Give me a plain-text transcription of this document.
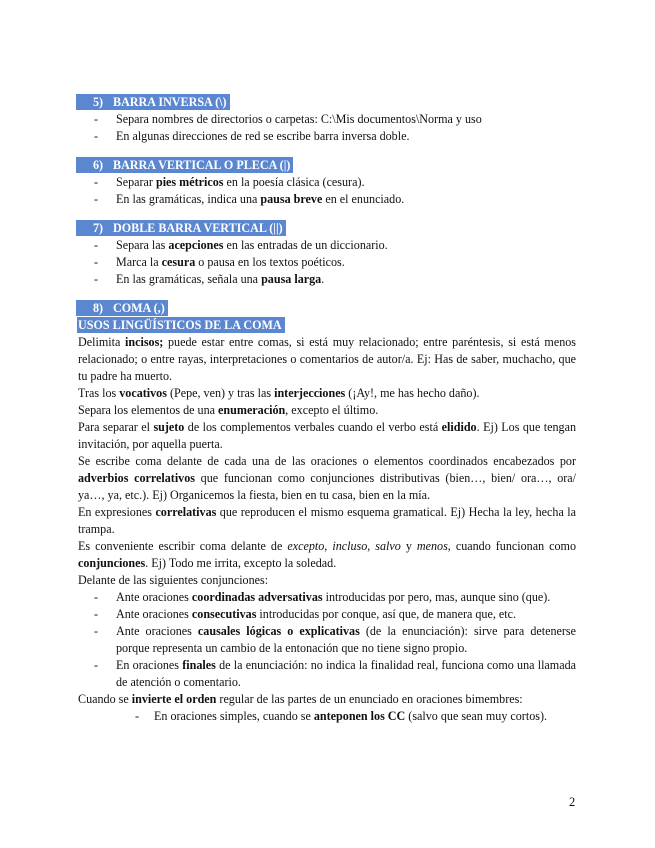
5) BARRA INVERSA (\)
- Separa nombres de directorios o carpetas: C:\Mis documentos\Norma y uso
- En algunas direcciones de red se escribe barra inversa doble.
6) BARRA VERTICAL O PLECA (|)
- Separar pies métricos en la poesía clásica (cesura).
- En las gramáticas, indica una pausa breve en el enunciado.
7) DOBLE BARRA VERTICAL (||)
- Separa las acepciones en las entradas de un diccionario.
- Marca la cesura o pausa en los textos poéticos.
- En las gramáticas, señala una pausa larga.
8) COMA (,)
USOS LINGÜÍSTICOS DE LA COMA

Delimita incisos; puede estar entre comas, si está muy relacionado; entre paréntesis, si está menos relacionado; o entre rayas, interpretaciones o comentarios de autor/a. Ej: Has de saber, muchacho, que tu padre ha muerto.

Tras los vocativos (Pepe, ven) y tras las interjecciones (¡Ay!, me has hecho daño).

Separa los elementos de una enumeración, excepto el último.

Para separar el sujeto de los complementos verbales cuando el verbo está elidido. Ej) Los que tengan invitación, por aquella puerta.

Se escribe coma delante de cada una de las oraciones o elementos coordinados encabezados por adverbios correlativos que funcionan como conjunciones distributivas (bien…, bien/ ora…, ora/ ya…, ya, etc.). Ej) Organicemos la fiesta, bien en tu casa, bien en la mía.

En expresiones correlativas que reproducen el mismo esquema gramatical. Ej) Hecha la ley, hecha la trampa.

Es conveniente escribir coma delante de excepto, incluso, salvo y menos, cuando funcionan como conjunciones. Ej) Todo me irrita, excepto la soledad.

Delante de las siguientes conjunciones:

- Ante oraciones coordinadas adversativas introducidas por pero, mas, aunque sino (que).
- Ante oraciones consecutivas introducidas por conque, así que, de manera que, etc.
- Ante oraciones causales lógicas o explicativas (de la enunciación): sirve para detenerse porque representa un cambio de la entonación que no tiene signo propio.
- En oraciones finales de la enunciación: no indica la finalidad real, funciona como una llamada de atención o comentario.

Cuando se invierte el orden regular de las partes de un enunciado en oraciones bimembres:

- En oraciones simples, cuando se anteponen los CC (salvo que sean muy cortos).
2
